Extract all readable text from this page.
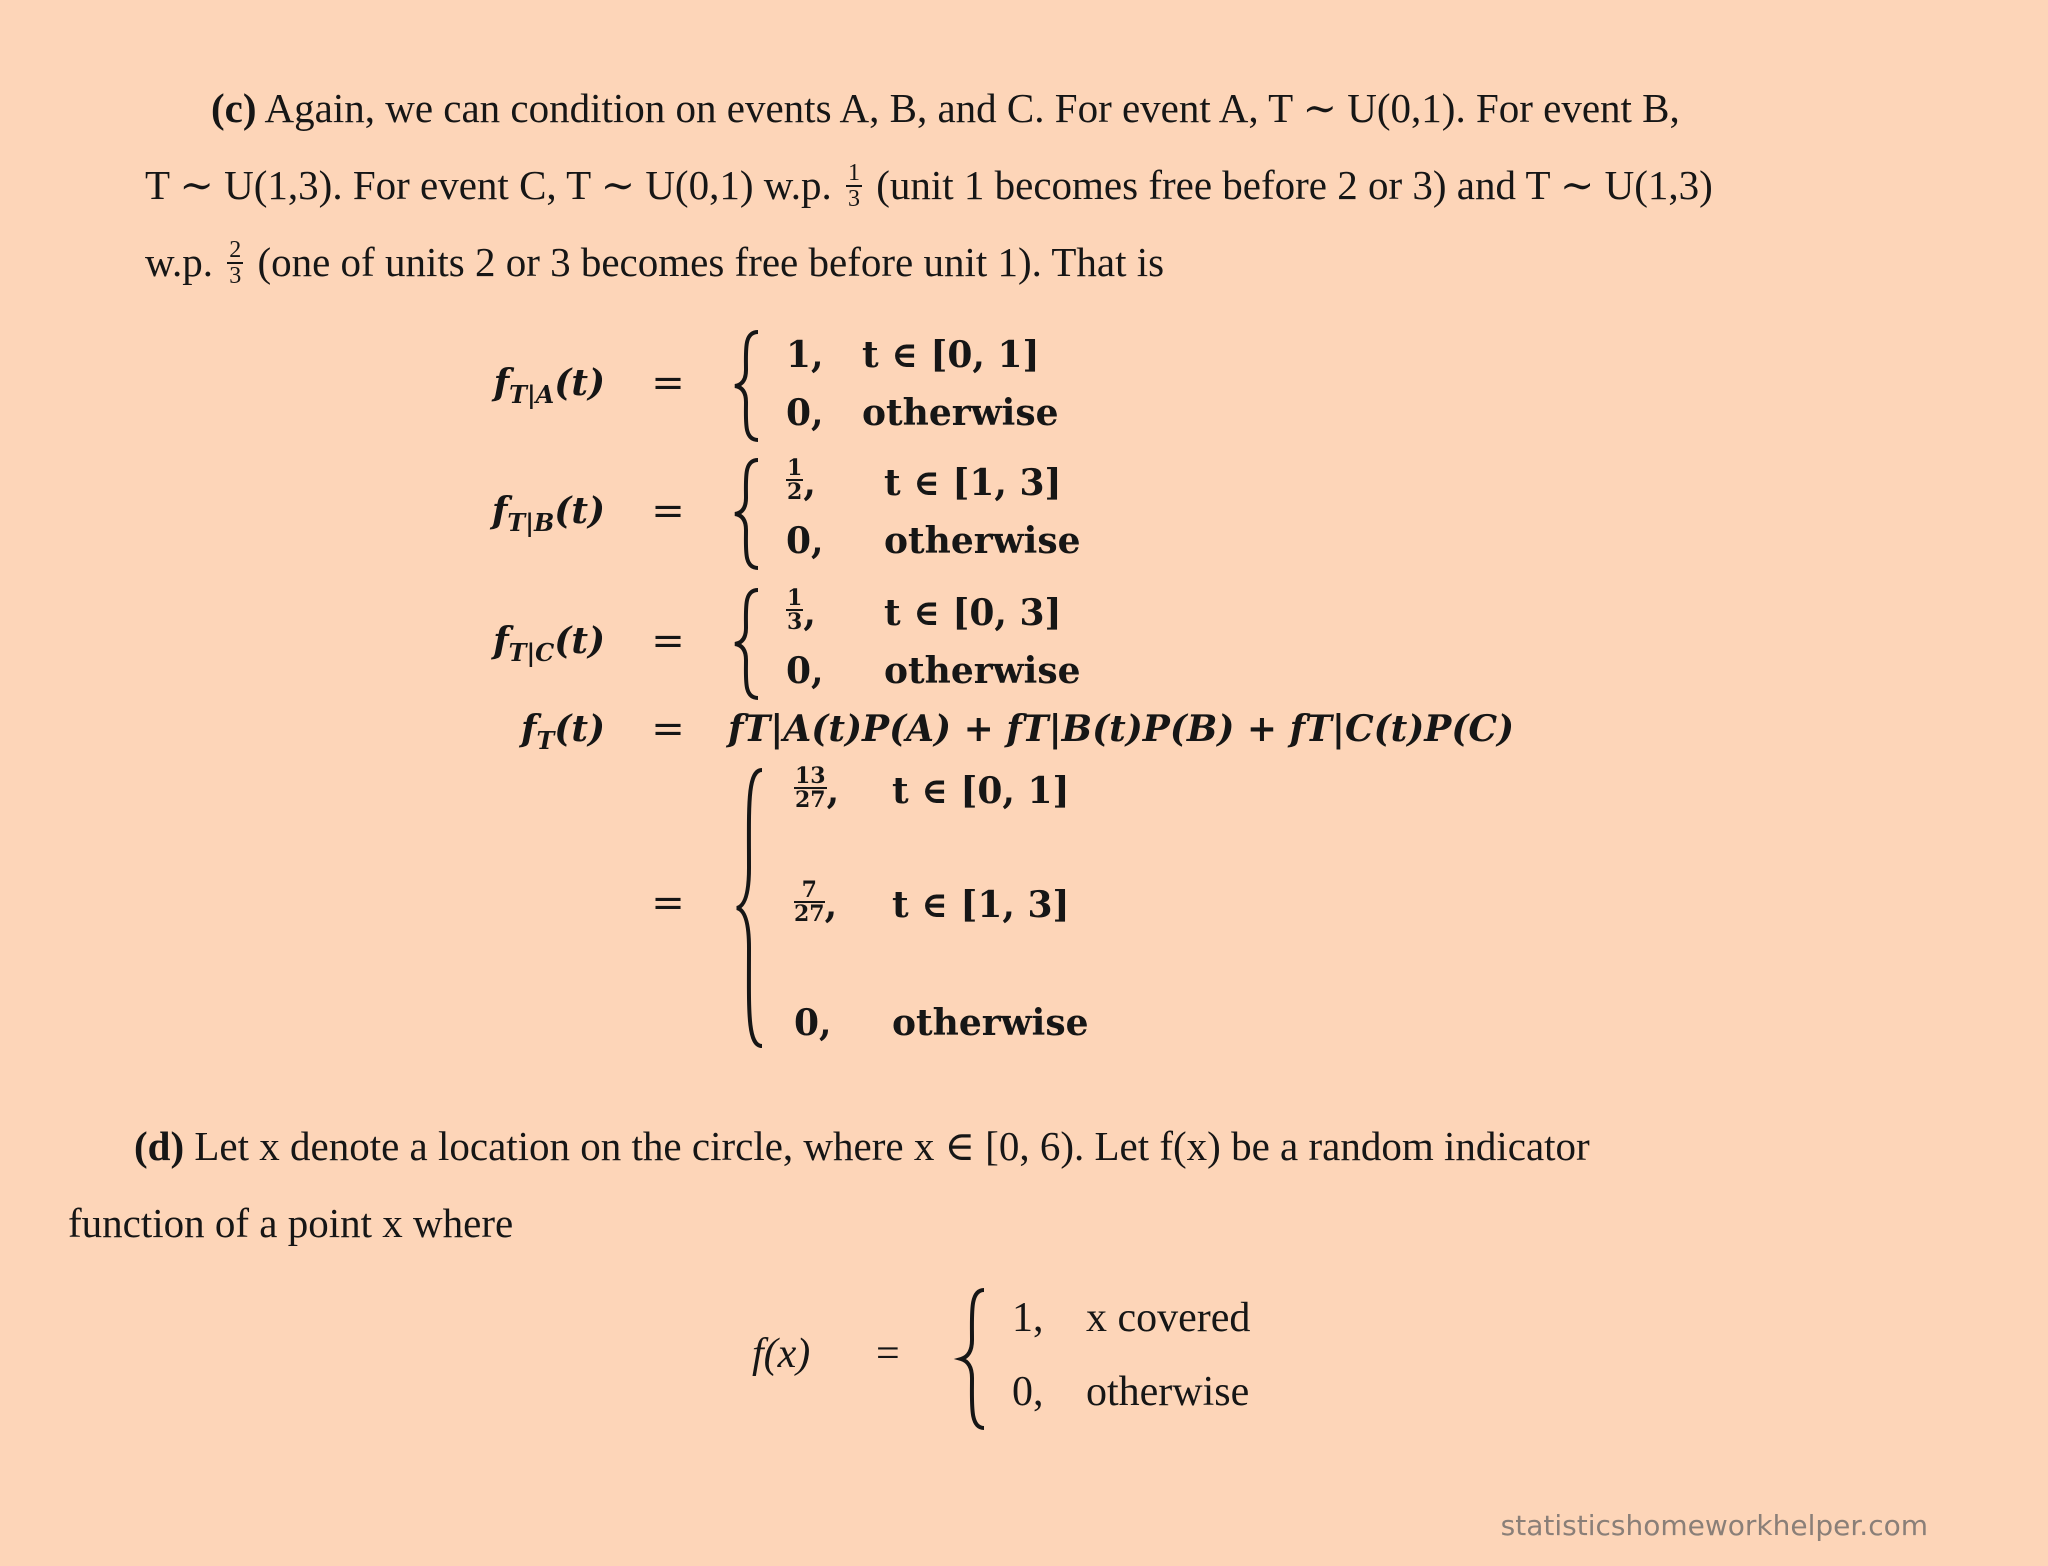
(c) Again, we can condition on events A, B, and C. For event A, T ∼ U(0,1). For event B,
T ∼ U(1,3). For event C, T ∼ U(0,1) w.p. $\frac{1}{3}$ (unit 1 becomes free before 2 or 3) and T ∼ U(1,3)
w.p. $\frac{2}{3} (one$ of units 2 or 3 becomes free before unit 1). That is
$f_{T|A}(t)$	=
1, t ∈ [0, 1]
0, otherwise
$f_{T|B}(t)$	=
$\frac{1}{2}$ , t ∈ [1, 3]
0, otherwise
$f_{T|C}(t)$	=
$\frac{1}{3}$ , t ∈ [0, 3]
0, otherwise
$f_T(t)$	=	fT|A(t)P(A) + fT|B(t)P(B) + fT|C(t)P(C)
=
$\frac{13}{27}$ , t ∈ [0, 1]
$\frac{7}{27}$ , t ∈ [1, 3]
0, otherwise
(d) Let x denote a location on the circle, where x ∈ [0, 6). Let f(x) be a random indicator
function of a point x where
f(x) =
1, x covered
0, otherwise
statisticshomeworkhelper.com
